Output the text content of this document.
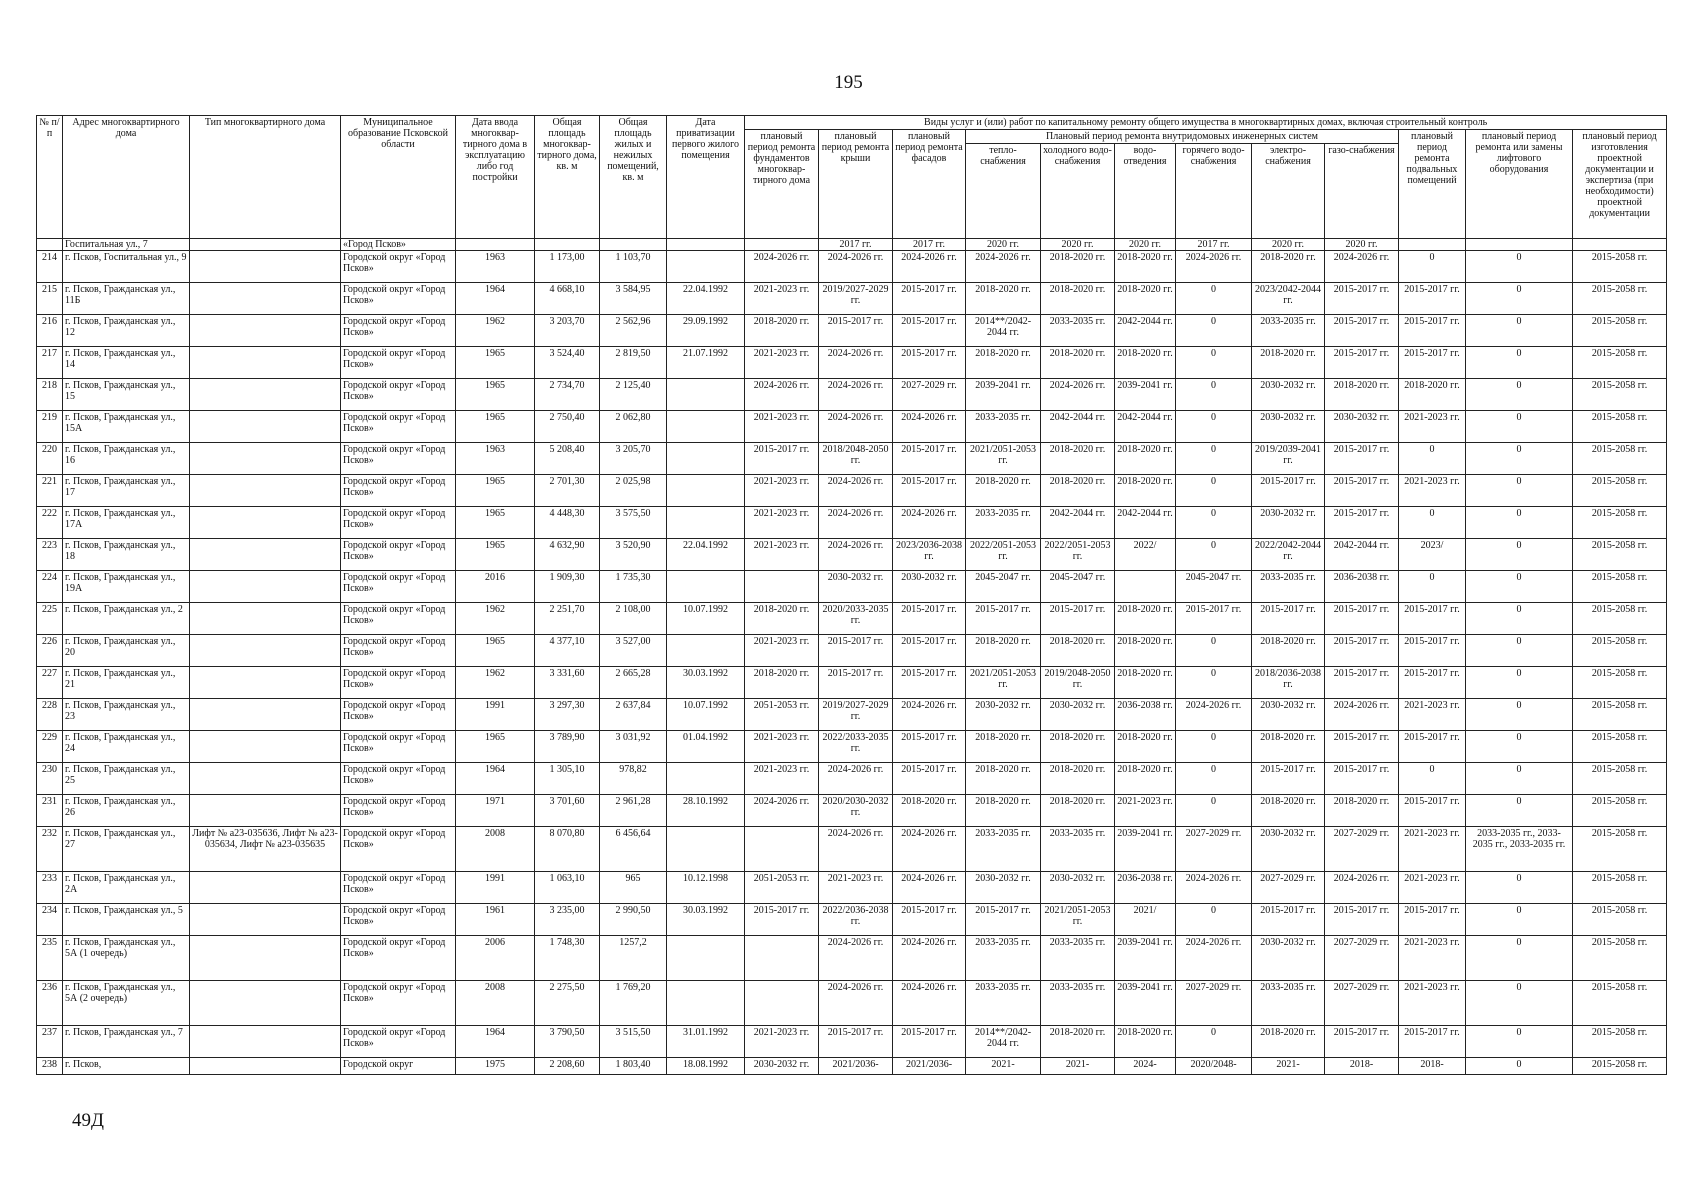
195
№ п/п	Адрес многоквартирного дома	Тип многоквартирного дома	Муниципальное образование Псковской области	Дата ввода многоквар-тирного дома в эксплуатацию либо год постройки	Общая площадь многоквар-тирного дома, кв. м	Общая площадь жилых и нежилых помещений, кв. м	Дата приватизации первого жилого помещения	Виды услуг и (или) работ по капитальному ремонту общего имущества в многоквартирных домах, включая строительный контроль											
								плановый период ремонта фундаментов многоквар-тирного дома	плановый период ремонта крыши	плановый период ремонта фасадов	Плановый период ремонта внутридомовых инженерных систем						плановый период ремонта подвальных помещений	плановый период ремонта или замены лифтового оборудования	плановый период изготовления проектной документации и экспертиза (при необходимости) проектной документации
											тепло-снабжения	холодного водо-снабжения	водо-отведения	горячего водо-снабжения	электро-снабжения	газо-снабжения			
	Госпитальная ул., 7		«Город Псков»						2017 гг.	2017 гг.	2020 гг.	2020 гг.	2020 гг.	2017 гг.	2020 гг.	2020 гг.			
214	г. Псков, Госпитальная ул., 9		Городской округ «Город Псков»	1963	1 173,00	1 103,70		2024-2026 гг.	2024-2026 гг.	2024-2026 гг.	2024-2026 гг.	2018-2020 гг.	2018-2020 гг.	2024-2026 гг.	2018-2020 гг.	2024-2026 гг.	0	0	2015-2058 гг.
215	г. Псков, Гражданская ул., 11Б		Городской округ «Город Псков»	1964	4 668,10	3 584,95	22.04.1992	2021-2023 гг.	2019/2027-2029 гг.	2015-2017 гг.	2018-2020 гг.	2018-2020 гг.	2018-2020 гг.	0	2023/2042-2044 гг.	2015-2017 гг.	2015-2017 гг.	0	2015-2058 гг.
216	г. Псков, Гражданская ул., 12		Городской округ «Город Псков»	1962	3 203,70	2 562,96	29.09.1992	2018-2020 гг.	2015-2017 гг.	2015-2017 гг.	2014**/2042-2044 гг.	2033-2035 гг.	2042-2044 гг.	0	2033-2035 гг.	2015-2017 гг.	2015-2017 гг.	0	2015-2058 гг.
217	г. Псков, Гражданская ул., 14		Городской округ «Город Псков»	1965	3 524,40	2 819,50	21.07.1992	2021-2023 гг.	2024-2026 гг.	2015-2017 гг.	2018-2020 гг.	2018-2020 гг.	2018-2020 гг.	0	2018-2020 гг.	2015-2017 гг.	2015-2017 гг.	0	2015-2058 гг.
218	г. Псков, Гражданская ул., 15		Городской округ «Город Псков»	1965	2 734,70	2 125,40		2024-2026 гг.	2024-2026 гг.	2027-2029 гг.	2039-2041 гг.	2024-2026 гг.	2039-2041 гг.	0	2030-2032 гг.	2018-2020 гг.	2018-2020 гг.	0	2015-2058 гг.
219	г. Псков, Гражданская ул., 15А		Городской округ «Город Псков»	1965	2 750,40	2 062,80		2021-2023 гг.	2024-2026 гг.	2024-2026 гг.	2033-2035 гг.	2042-2044 гг.	2042-2044 гг.	0	2030-2032 гг.	2030-2032 гг.	2021-2023 гг.	0	2015-2058 гг.
220	г. Псков, Гражданская ул., 16		Городской округ «Город Псков»	1963	5 208,40	3 205,70		2015-2017 гг.	2018/2048-2050 гг.	2015-2017 гг.	2021/2051-2053 гг.	2018-2020 гг.	2018-2020 гг.	0	2019/2039-2041 гг.	2015-2017 гг.	0	0	2015-2058 гг.
221	г. Псков, Гражданская ул., 17		Городской округ «Город Псков»	1965	2 701,30	2 025,98		2021-2023 гг.	2024-2026 гг.	2015-2017 гг.	2018-2020 гг.	2018-2020 гг.	2018-2020 гг.	0	2015-2017 гг.	2015-2017 гг.	2021-2023 гг.	0	2015-2058 гг.
222	г. Псков, Гражданская ул., 17А		Городской округ «Город Псков»	1965	4 448,30	3 575,50		2021-2023 гг.	2024-2026 гг.	2024-2026 гг.	2033-2035 гг.	2042-2044 гг.	2042-2044 гг.	0	2030-2032 гг.	2015-2017 гг.	0	0	2015-2058 гг.
223	г. Псков, Гражданская ул., 18		Городской округ «Город Псков»	1965	4 632,90	3 520,90	22.04.1992	2021-2023 гг.	2024-2026 гг.	2023/2036-2038 гг.	2022/2051-2053 гг.	2022/2051-2053 гг.	2022/	0	2022/2042-2044 гг.	2042-2044 гг.	2023/	0	2015-2058 гг.
224	г. Псков, Гражданская ул., 19А		Городской округ «Город Псков»	2016	1 909,30	1 735,30			2030-2032 гг.	2030-2032 гг.	2045-2047 гг.	2045-2047 гг.		2045-2047 гг.	2033-2035 гг.	2036-2038 гг.	0	0	2015-2058 гг.
225	г. Псков, Гражданская ул., 2		Городской округ «Город Псков»	1962	2 251,70	2 108,00	10.07.1992	2018-2020 гг.	2020/2033-2035 гг.	2015-2017 гг.	2015-2017 гг.	2015-2017 гг.	2018-2020 гг.	2015-2017 гг.	2015-2017 гг.	2015-2017 гг.	2015-2017 гг.	0	2015-2058 гг.
226	г. Псков, Гражданская ул., 20		Городской округ «Город Псков»	1965	4 377,10	3 527,00		2021-2023 гг.	2015-2017 гг.	2015-2017 гг.	2018-2020 гг.	2018-2020 гг.	2018-2020 гг.	0	2018-2020 гг.	2015-2017 гг.	2015-2017 гг.	0	2015-2058 гг.
227	г. Псков, Гражданская ул., 21		Городской округ «Город Псков»	1962	3 331,60	2 665,28	30.03.1992	2018-2020 гг.	2015-2017 гг.	2015-2017 гг.	2021/2051-2053 гг.	2019/2048-2050 гг.	2018-2020 гг.	0	2018/2036-2038 гг.	2015-2017 гг.	2015-2017 гг.	0	2015-2058 гг.
228	г. Псков, Гражданская ул., 23		Городской округ «Город Псков»	1991	3 297,30	2 637,84	10.07.1992	2051-2053 гг.	2019/2027-2029 гг.	2024-2026 гг.	2030-2032 гг.	2030-2032 гг.	2036-2038 гг.	2024-2026 гг.	2030-2032 гг.	2024-2026 гг.	2021-2023 гг.	0	2015-2058 гг.
229	г. Псков, Гражданская ул., 24		Городской округ «Город Псков»	1965	3 789,90	3 031,92	01.04.1992	2021-2023 гг.	2022/2033-2035 гг.	2015-2017 гг.	2018-2020 гг.	2018-2020 гг.	2018-2020 гг.	0	2018-2020 гг.	2015-2017 гг.	2015-2017 гг.	0	2015-2058 гг.
230	г. Псков, Гражданская ул., 25		Городской округ «Город Псков»	1964	1 305,10	978,82		2021-2023 гг.	2024-2026 гг.	2015-2017 гг.	2018-2020 гг.	2018-2020 гг.	2018-2020 гг.	0	2015-2017 гг.	2015-2017 гг.	0	0	2015-2058 гг.
231	г. Псков, Гражданская ул., 26		Городской округ «Город Псков»	1971	3 701,60	2 961,28	28.10.1992	2024-2026 гг.	2020/2030-2032 гг.	2018-2020 гг.	2018-2020 гг.	2018-2020 гг.	2021-2023 гг.	0	2018-2020 гг.	2018-2020 гг.	2015-2017 гг.	0	2015-2058 гг.
232	г. Псков, Гражданская ул., 27	Лифт № а23-035636, Лифт № а23-035634, Лифт № а23-035635	Городской округ «Город Псков»	2008	8 070,80	6 456,64			2024-2026 гг.	2024-2026 гг.	2033-2035 гг.	2033-2035 гг.	2039-2041 гг.	2027-2029 гг.	2030-2032 гг.	2027-2029 гг.	2021-2023 гг.	2033-2035 гг., 2033-2035 гг., 2033-2035 гг.	2015-2058 гг.
233	г. Псков, Гражданская ул., 2А		Городской округ «Город Псков»	1991	1 063,10	965	10.12.1998	2051-2053 гг.	2021-2023 гг.	2024-2026 гг.	2030-2032 гг.	2030-2032 гг.	2036-2038 гг.	2024-2026 гг.	2027-2029 гг.	2024-2026 гг.	2021-2023 гг.	0	2015-2058 гг.
234	г. Псков, Гражданская ул., 5		Городской округ «Город Псков»	1961	3 235,00	2 990,50	30.03.1992	2015-2017 гг.	2022/2036-2038 гг.	2015-2017 гг.	2015-2017 гг.	2021/2051-2053 гг.	2021/	0	2015-2017 гг.	2015-2017 гг.	2015-2017 гг.	0	2015-2058 гг.
235	г. Псков, Гражданская ул., 5А (1 очередь)		Городской округ «Город Псков»	2006	1 748,30	1257,2			2024-2026 гг.	2024-2026 гг.	2033-2035 гг.	2033-2035 гг.	2039-2041 гг.	2024-2026 гг.	2030-2032 гг.	2027-2029 гг.	2021-2023 гг.	0	2015-2058 гг.
236	г. Псков, Гражданская ул., 5А (2 очередь)		Городской округ «Город Псков»	2008	2 275,50	1 769,20			2024-2026 гг.	2024-2026 гг.	2033-2035 гг.	2033-2035 гг.	2039-2041 гг.	2027-2029 гг.	2033-2035 гг.	2027-2029 гг.	2021-2023 гг.	0	2015-2058 гг.
237	г. Псков, Гражданская ул., 7		Городской округ «Город Псков»	1964	3 790,50	3 515,50	31.01.1992	2021-2023 гг.	2015-2017 гг.	2015-2017 гг.	2014**/2042-2044 гг.	2018-2020 гг.	2018-2020 гг.	0	2018-2020 гг.	2015-2017 гг.	2015-2017 гг.	0	2015-2058 гг.
238	г. Псков,		Городской округ	1975	2 208,60	1 803,40	18.08.1992	2030-2032 гг.	2021/2036-	2021/2036-	2021-	2021-	2024-	2020/2048-	2021-	2018-	2018-	0	2015-2058 гг.
49Д
